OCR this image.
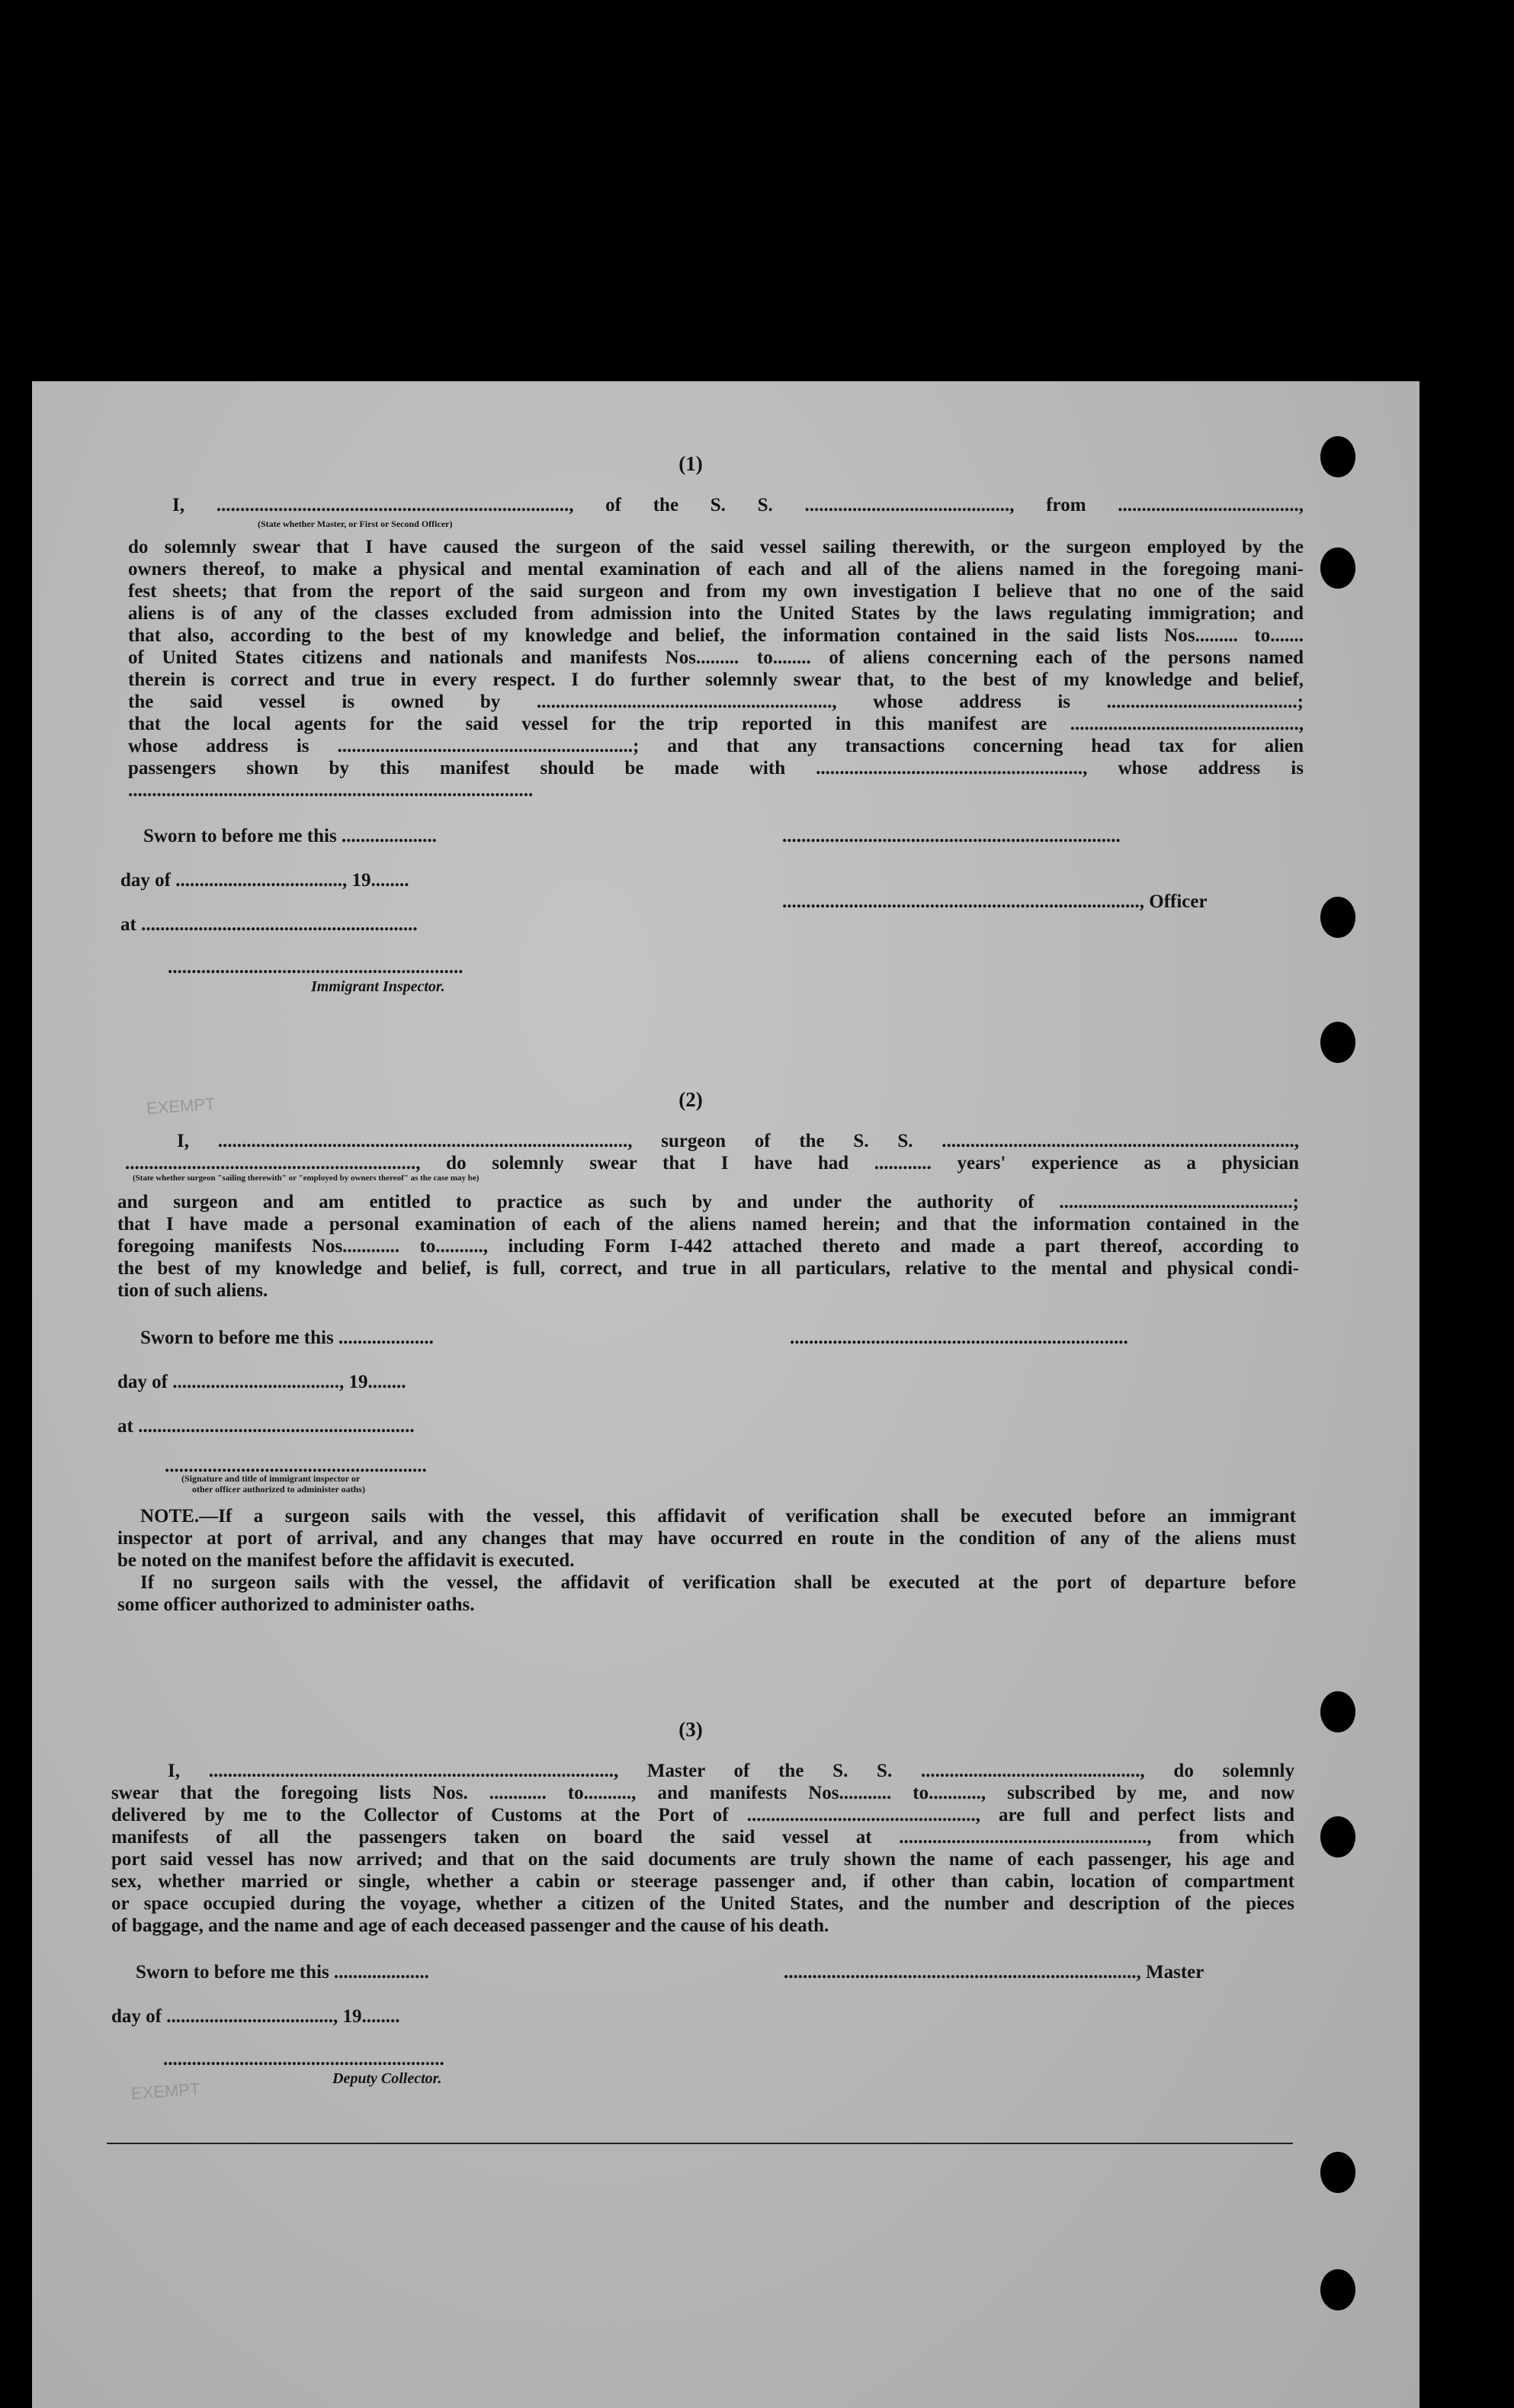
EXEMPT
EXEMPT
(1)
I, .........................................................................., of the S. S. ..........................................., from ......................................,
(State whether Master, or First or Second Officer)
do solemnly swear that I have caused the surgeon of the said vessel sailing therewith, or the surgeon employed by the
owners thereof, to make a physical and mental examination of each and all of the aliens named in the foregoing mani-
fest sheets; that from the report of the said surgeon and from my own investigation I believe that no one of the said
aliens is of any of the classes excluded from admission into the United States by the laws regulating immigration; and
that also, according to the best of my knowledge and belief, the information contained in the said lists Nos......... to.......
of United States citizens and nationals and manifests Nos......... to........ of aliens concerning each of the persons named
therein is correct and true in every respect. I do further solemnly swear that, to the best of my knowledge and belief,
the said vessel is owned by .............................................................., whose address is ........................................;
that the local agents for the said vessel for the trip reported in this manifest are ................................................,
whose address is ..............................................................; and that any transactions concerning head tax for alien
passengers shown by this manifest should be made with ........................................................, whose address is
.....................................................................................
Sworn to before me this ....................	.......................................................................
day of ..................................., 19........
..........................................................................., Officer
at ..........................................................
..............................................................
Immigrant Inspector.
(2)
I, ......................................................................................, surgeon of the S. S. ..........................................................................,
............................................................., do solemnly swear that I have had ............ years' experience as a physician
(State whether surgeon "sailing therewith" or "employed by owners thereof" as the case may be)
and surgeon and am entitled to practice as such by and under the authority of .................................................;
that I have made a personal examination of each of the aliens named herein; and that the information contained in the
foregoing manifests Nos............ to.........., including Form I-442 attached thereto and made a part thereof, according to
the best of my knowledge and belief, is full, correct, and true in all particulars, relative to the mental and physical condi-
tion of such aliens.
Sworn to before me this ....................	.......................................................................
day of ..................................., 19........
at ..........................................................
.......................................................
(Signature and title of immigrant inspector or
other officer authorized to administer oaths)
NOTE.—If a surgeon sails with the vessel, this affidavit of verification shall be executed before an immigrant
inspector at port of arrival, and any changes that may have occurred en route in the condition of any of the aliens must
be noted on the manifest before the affidavit is executed.
If no surgeon sails with the vessel, the affidavit of verification shall be executed at the port of departure before
some officer authorized to administer oaths.
(3)
I, ....................................................................................., Master of the S. S. .............................................., do solemnly
swear that the foregoing lists Nos. ............ to.........., and manifests Nos........... to..........., subscribed by me, and now
delivered by me to the Collector of Customs at the Port of ................................................, are full and perfect lists and
manifests of all the passengers taken on board the said vessel at ...................................................., from which
port said vessel has now arrived; and that on the said documents are truly shown the name of each passenger, his age and
sex, whether married or single, whether a cabin or steerage passenger and, if other than cabin, location of compartment
or space occupied during the voyage, whether a citizen of the United States, and the number and description of the pieces
of baggage, and the name and age of each deceased passenger and the cause of his death.
Sworn to before me this ....................	.........................................................................., Master
day of ..................................., 19........
...........................................................
Deputy Collector.
